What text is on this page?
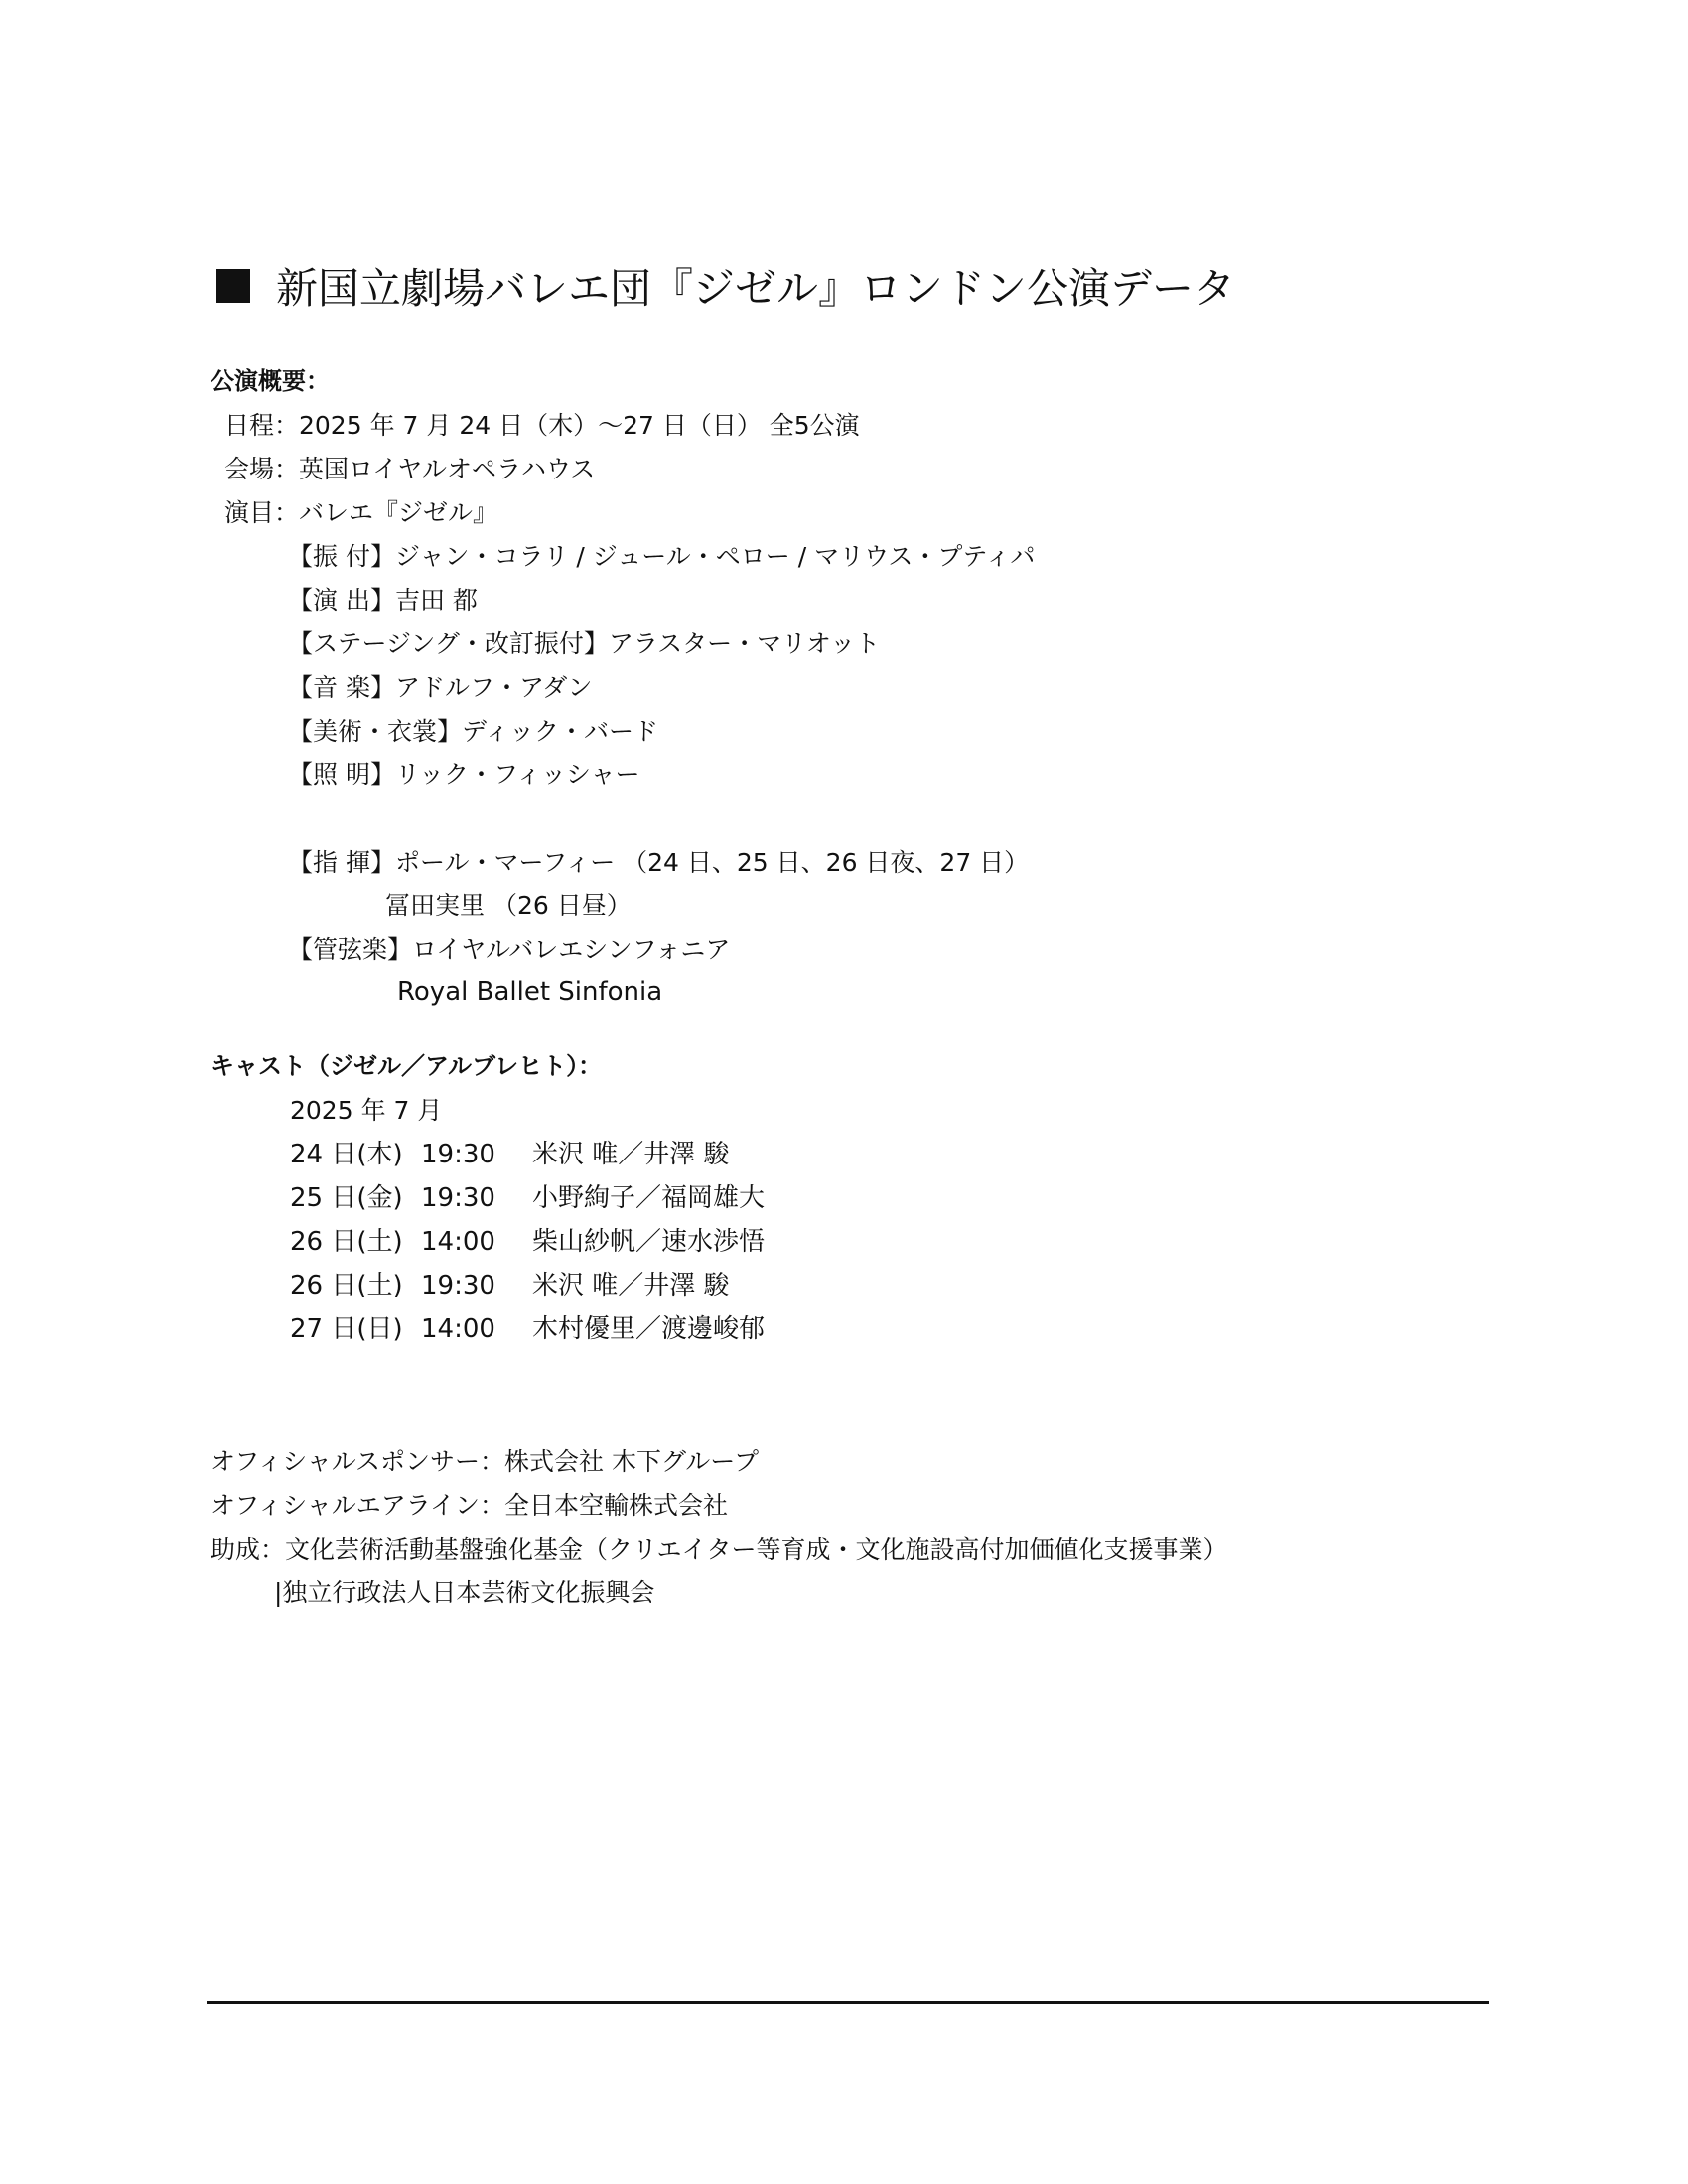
新国立劇場バレエ団『ジゼル』ロンドン公演データ
公演概要：
日程：2025 年 7 月 24 日（木）～27 日（日） 全5公演
会場：英国ロイヤルオペラハウス
演目：バレエ『ジゼル』
【振 付】ジャン・コラリ / ジュール・ペロー / マリウス・プティパ
【演 出】吉田 都
【ステージング・改訂振付】アラスター・マリオット
【音 楽】アドルフ・アダン
【美術・衣裳】ディック・バード
【照 明】リック・フィッシャー
【指 揮】ポール・マーフィー （24 日、25 日、26 日夜、27 日）
冨田実里 （26 日昼）
【管弦楽】ロイヤルバレエシンフォニア
Royal Ballet Sinfonia
キャスト（ジゼル／アルブレヒト）：
2025 年 7 月
24 日(木) 19:30 米沢 唯／井澤 駿
25 日(金) 19:30 小野絢子／福岡雄大
26 日(土) 14:00 柴山紗帆／速水渉悟
26 日(土) 19:30 米沢 唯／井澤 駿
27 日(日) 14:00 木村優里／渡邊峻郁
オフィシャルスポンサー：株式会社 木下グループ
オフィシャルエアライン：全日本空輸株式会社
助成：文化芸術活動基盤強化基金（クリエイター等育成・文化施設高付加価値化支援事業）
|独立行政法人日本芸術文化振興会
